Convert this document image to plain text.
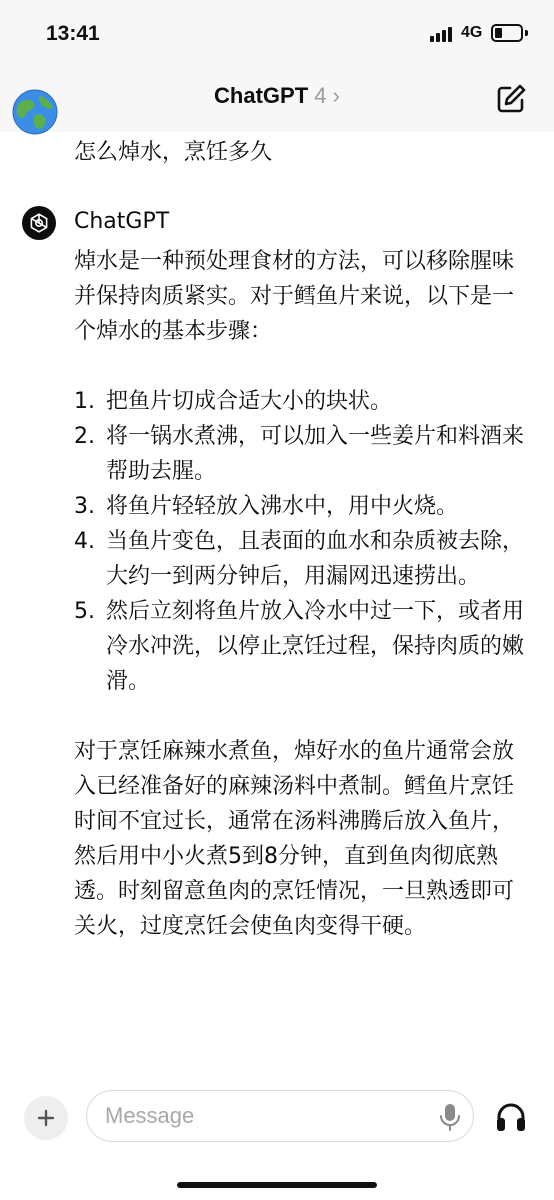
13:41	4G
ChatGPT 4 ›
怎么焯水，烹饪多久
ChatGPT

焯水是一种预处理食材的方法，可以移除腥味并保持肉质紧实。对于鳕鱼片来说，以下是一个焯水的基本步骤：

1. 把鱼片切成合适大小的块状。
2. 将一锅水煮沸，可以加入一些姜片和料酒来帮助去腥。
3. 将鱼片轻轻放入沸水中，用中火烧。
4. 当鱼片变色，且表面的血水和杂质被去除，大约一到两分钟后，用漏网迅速捞出。
5. 然后立刻将鱼片放入冷水中过一下，或者用冷水冲洗，以停止烹饪过程，保持肉质的嫩滑。

对于烹饪麻辣水煮鱼，焯好水的鱼片通常会放入已经准备好的麻辣汤料中煮制。鳕鱼片烹饪时间不宜过长，通常在汤料沸腾后放入鱼片，然后用中小火煮5到8分钟，直到鱼肉彻底熟透。时刻留意鱼肉的烹饪情况，一旦熟透即可关火，过度烹饪会使鱼肉变得干硬。

Message
